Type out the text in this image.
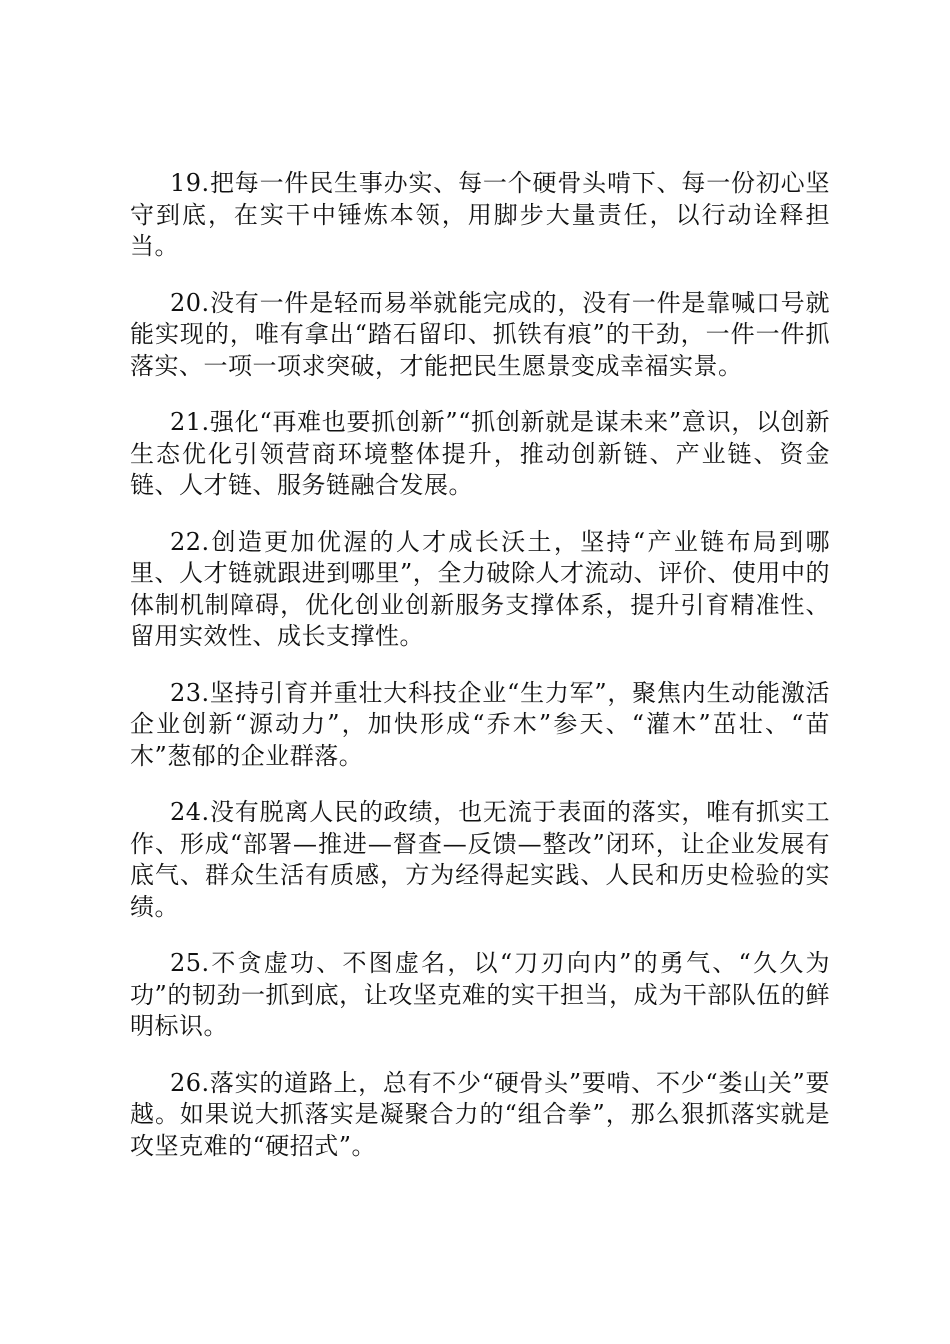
19.把每一件民生事办实、每一个硬骨头啃下、每一份初心坚守到底，在实干中锤炼本领，用脚步大量责任，以行动诠释担当。

20.没有一件是轻而易举就能完成的，没有一件是靠喊口号就能实现的，唯有拿出“踏石留印、抓铁有痕”的干劲，一件一件抓落实、一项一项求突破，才能把民生愿景变成幸福实景。

21.强化“再难也要抓创新”“抓创新就是谋未来”意识，以创新生态优化引领营商环境整体提升，推动创新链、产业链、资金链、人才链、服务链融合发展。

22.创造更加优渥的人才成长沃土，坚持“产业链布局到哪里、人才链就跟进到哪里”，全力破除人才流动、评价、使用中的体制机制障碍，优化创业创新服务支撑体系，提升引育精准性、留用实效性、成长支撑性。

23.坚持引育并重壮大科技企业“生力军”，聚焦内生动能激活企业创新“源动力”，加快形成“乔木”参天、“灌木”茁壮、“苗木”葱郁的企业群落。

24.没有脱离人民的政绩，也无流于表面的落实，唯有抓实工作、形成“部署—推进—督查—反馈—整改”闭环，让企业发展有底气、群众生活有质感，方为经得起实践、人民和历史检验的实绩。

25.不贪虚功、不图虚名，以“刀刃向内”的勇气、“久久为功”的韧劲一抓到底，让攻坚克难的实干担当，成为干部队伍的鲜明标识。

26.落实的道路上，总有不少“硬骨头”要啃、不少“娄山关”要越。如果说大抓落实是凝聚合力的“组合拳”，那么狠抓落实就是攻坚克难的“硬招式”。
